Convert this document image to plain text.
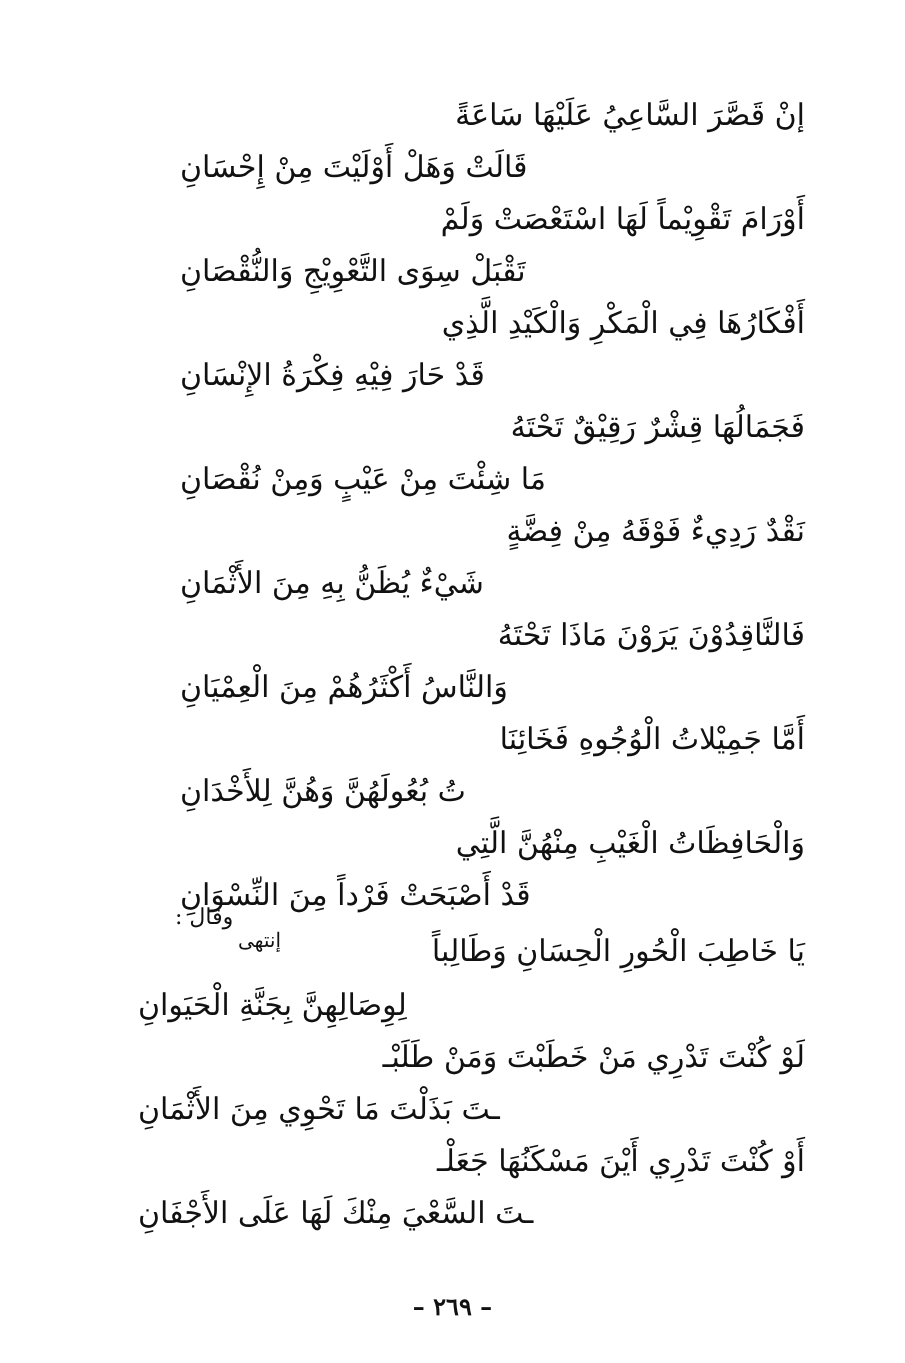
إنْ قَصَّرَ السَّاعِيُ عَلَيْهَا سَاعَةً
قَالَتْ وَهَلْ أَوْلَيْتَ مِنْ إِحْسَانِ
أَوْرَامَ تَقْوِيْماً لَهَا اسْتَعْصَتْ وَلَمْ
تَقْبَلْ سِوَى التَّعْوِيْجِ وَالنُّقْصَانِ
أَفْكَارُهَا فِي الْمَكْرِ وَالْكَيْدِ الَّذِي
قَدْ حَارَ فِيْهِ فِكْرَةُ الإِنْسَانِ
فَجَمَالُهَا قِشْرٌ رَقِيْقٌ تَحْتَهُ
مَا شِئْتَ مِنْ عَيْبٍ وَمِنْ نُقْصَانِ
نَقْدٌ رَدِيءٌ فَوْقَهُ مِنْ فِضَّةٍ
شَيْءٌ يُظَنُّ بِهِ مِنَ الأَثْمَانِ
فَالنَّاقِدُوْنَ يَرَوْنَ مَاذَا تَحْتَهُ
وَالنَّاسُ أَكْثَرُهُمْ مِنَ الْعِمْيَانِ
أَمَّا جَمِيْلاتُ الْوُجُوهِ فَخَائِنَا
تُ بُعُولَهُنَّ وَهُنَّ لِلأَخْدَانِ
وَالْحَافِظَاتُ الْغَيْبِ مِنْهُنَّ الَّتِي
قَدْ أَصْبَحَتْ فَرْداً مِنَ النِّسْوَانِ
وقال :
إنتهى	يَا خَاطِبَ الْحُورِ الْحِسَانِ وَطَالِباً
لِوِصَالِهِنَّ بِجَنَّةِ الْحَيَوانِ
لَوْ كُنْتَ تَدْرِي مَنْ خَطَبْتَ وَمَنْ طَلَبْـ
ـتَ بَذَلْتَ مَا تَحْوِي مِنَ الأَثْمَانِ
أَوْ كُنْتَ تَدْرِي أَيْنَ مَسْكَنُهَا جَعَلْـ
ـتَ السَّعْيَ مِنْكَ لَهَا عَلَى الأَجْفَانِ
– ٢٦٩ –
